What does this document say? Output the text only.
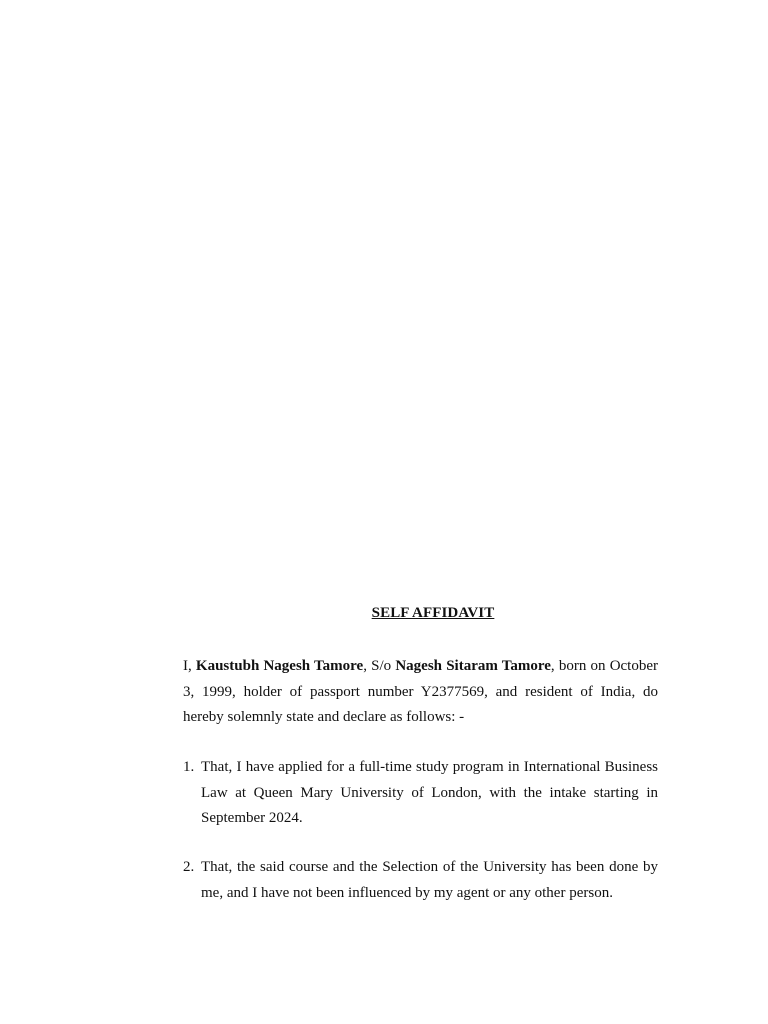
SELF AFFIDAVIT
I, Kaustubh Nagesh Tamore, S/o Nagesh Sitaram Tamore, born on October 3, 1999, holder of passport number Y2377569, and resident of India, do hereby solemnly state and declare as follows: -
1. That, I have applied for a full-time study program in International Business Law at Queen Mary University of London, with the intake starting in September 2024.
2. That, the said course and the Selection of the University has been done by me, and I have not been influenced by my agent or any other person.
